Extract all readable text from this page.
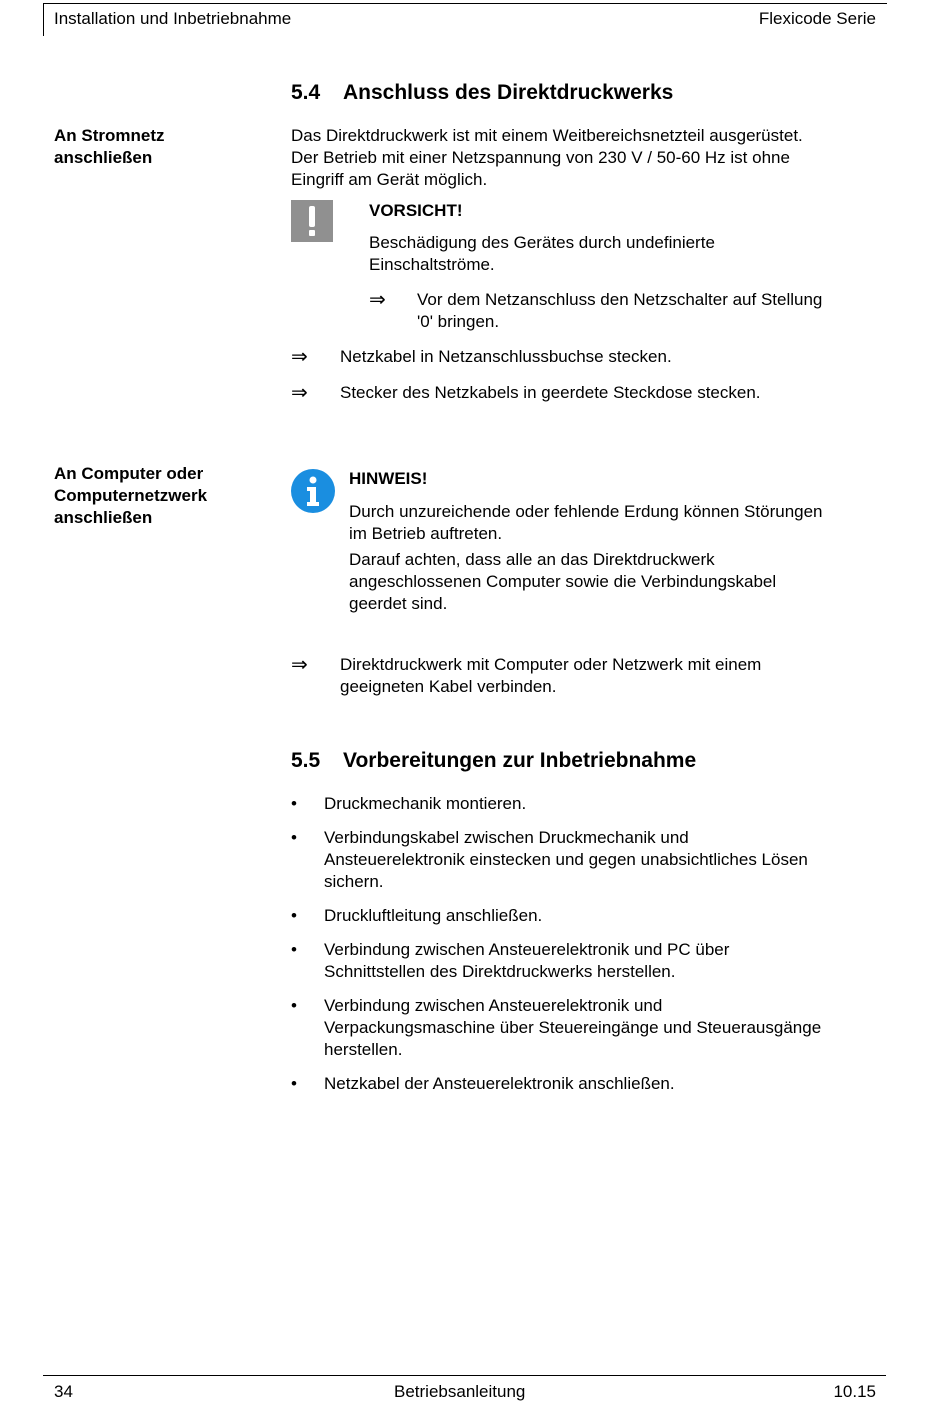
Installation und Inbetriebnahme	Flexicode Serie
5.4 Anschluss des Direktdruckwerks
An Stromnetz
anschließen
Das Direktdruckwerk ist mit einem Weitbereichsnetzteil ausgerüstet.
Der Betrieb mit einer Netzspannung von 230 V / 50-60 Hz ist ohne
Eingriff am Gerät möglich.
VORSICHT!
Beschädigung des Gerätes durch undefinierte
Einschaltströme.
⇒ Vor dem Netzanschluss den Netzschalter auf Stellung
'0' bringen.
⇒ Netzkabel in Netzanschlussbuchse stecken.
⇒ Stecker des Netzkabels in geerdete Steckdose stecken.
An Computer oder
Computernetzwerk
anschließen
HINWEIS!
Durch unzureichende oder fehlende Erdung können Störungen
im Betrieb auftreten.
Darauf achten, dass alle an das Direktdruckwerk
angeschlossenen Computer sowie die Verbindungskabel
geerdet sind.
⇒ Direktdruckwerk mit Computer oder Netzwerk mit einem
geeigneten Kabel verbinden.
5.5 Vorbereitungen zur Inbetriebnahme
• Druckmechanik montieren.
• Verbindungskabel zwischen Druckmechanik und
Ansteuerelektronik einstecken und gegen unabsichtliches Lösen
sichern.
• Druckluftleitung anschließen.
• Verbindung zwischen Ansteuerelektronik und PC über
Schnittstellen des Direktdruckwerks herstellen.
• Verbindung zwischen Ansteuerelektronik und
Verpackungsmaschine über Steuereingänge und Steuerausgänge
herstellen.
• Netzkabel der Ansteuerelektronik anschließen.
34	Betriebsanleitung	10.15
